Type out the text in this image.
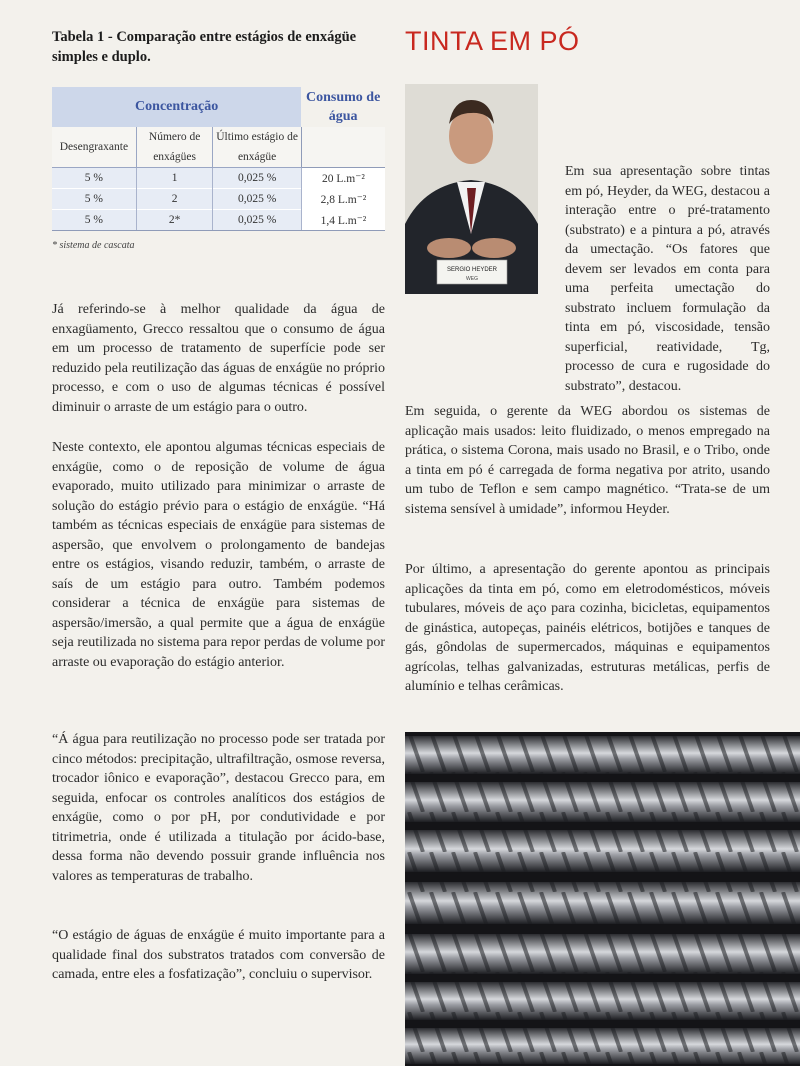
Tabela 1 - Comparação entre estágios de enxágüe simples e duplo.
TINTA EM PÓ
Concentração			Consumo de água
Desengraxante	Número de enxágües	Último estágio de enxágüe	
5 %	1	0,025 %	20 L.m⁻²
5 %	2	0,025 %	2,8 L.m⁻²
5 %	2*	0,025 %	1,4 L.m⁻²
* sistema de cascata
SERGIO HEYDER
WEG

Já referindo-se à melhor qualidade da água de enxagüamento, Grecco ressaltou que o consumo de água em um processo de tratamento de superfície pode ser reduzido pela reutilização das águas de enxágüe no próprio processo, e com o uso de algumas técnicas é possível diminuir o arraste de um estágio para o outro.

Neste contexto, ele apontou algumas técnicas especiais de enxágüe, como o de reposição de volume de água evaporado, muito utilizado para minimizar o arraste de solução do estágio prévio para o estágio de enxágüe. “Há também as técnicas especiais de enxágüe para sistemas de aspersão, que envolvem o prolongamento de bandejas entre os estágios, visando reduzir, também, o arraste de saís de um estágio para outro. Também podemos considerar a técnica de enxágüe para sistemas de aspersão/imersão, a qual permite que a água de enxágüe seja reutilizada no sistema para repor perdas de volume por arraste ou evaporação do estágio anterior.

“Á água para reutilização no processo pode ser tratada por cinco métodos: precipitação, ultrafiltração, osmose reversa, trocador iônico e evaporação”, destacou Grecco para, em seguida, enfocar os controles analíticos dos estágios de enxágüe, como o por pH, por condutividade e por titrimetria, onde é utilizada a titulação por ácido-base, dessa forma não devendo possuir grande influência nos valores as temperaturas de trabalho.

“O estágio de águas de enxágüe é muito importante para a qualidade final dos substratos tratados com conversão de camada, entre eles a fosfatização”, concluiu o supervisor.

Em sua apresentação sobre tintas em pó, Heyder, da WEG, destacou a interação entre o pré-tratamento (substrato) e a pintura a pó, através da umectação. “Os fatores que devem ser levados em conta para uma perfeita umectação do substrato incluem formulação da tinta em pó, viscosidade, tensão superficial, reatividade, Tg, processo de cura e rugosidade do substrato”, destacou.

Em seguida, o gerente da WEG abordou os sistemas de aplicação mais usados: leito fluidizado, o menos empregado na prática, o sistema Corona, mais usado no Brasil, e o Tribo, onde a tinta em pó é carregada de forma negativa por atrito, usando um tubo de Teflon e sem campo magnético. “Trata-se de um sistema sensível à umidade”, informou Heyder.

Por último, a apresentação do gerente apontou as principais aplicações da tinta em pó, como em eletrodomésticos, móveis tubulares, móveis de aço para cozinha, bicicletas, equipamentos de ginástica, autopeças, painéis elétricos, botijões e tanques de gás, gôndolas de supermercados, máquinas e equipamentos agrícolas, telhas galvanizadas, estruturas metálicas, perfis de alumínio e telhas cerâmicas.
